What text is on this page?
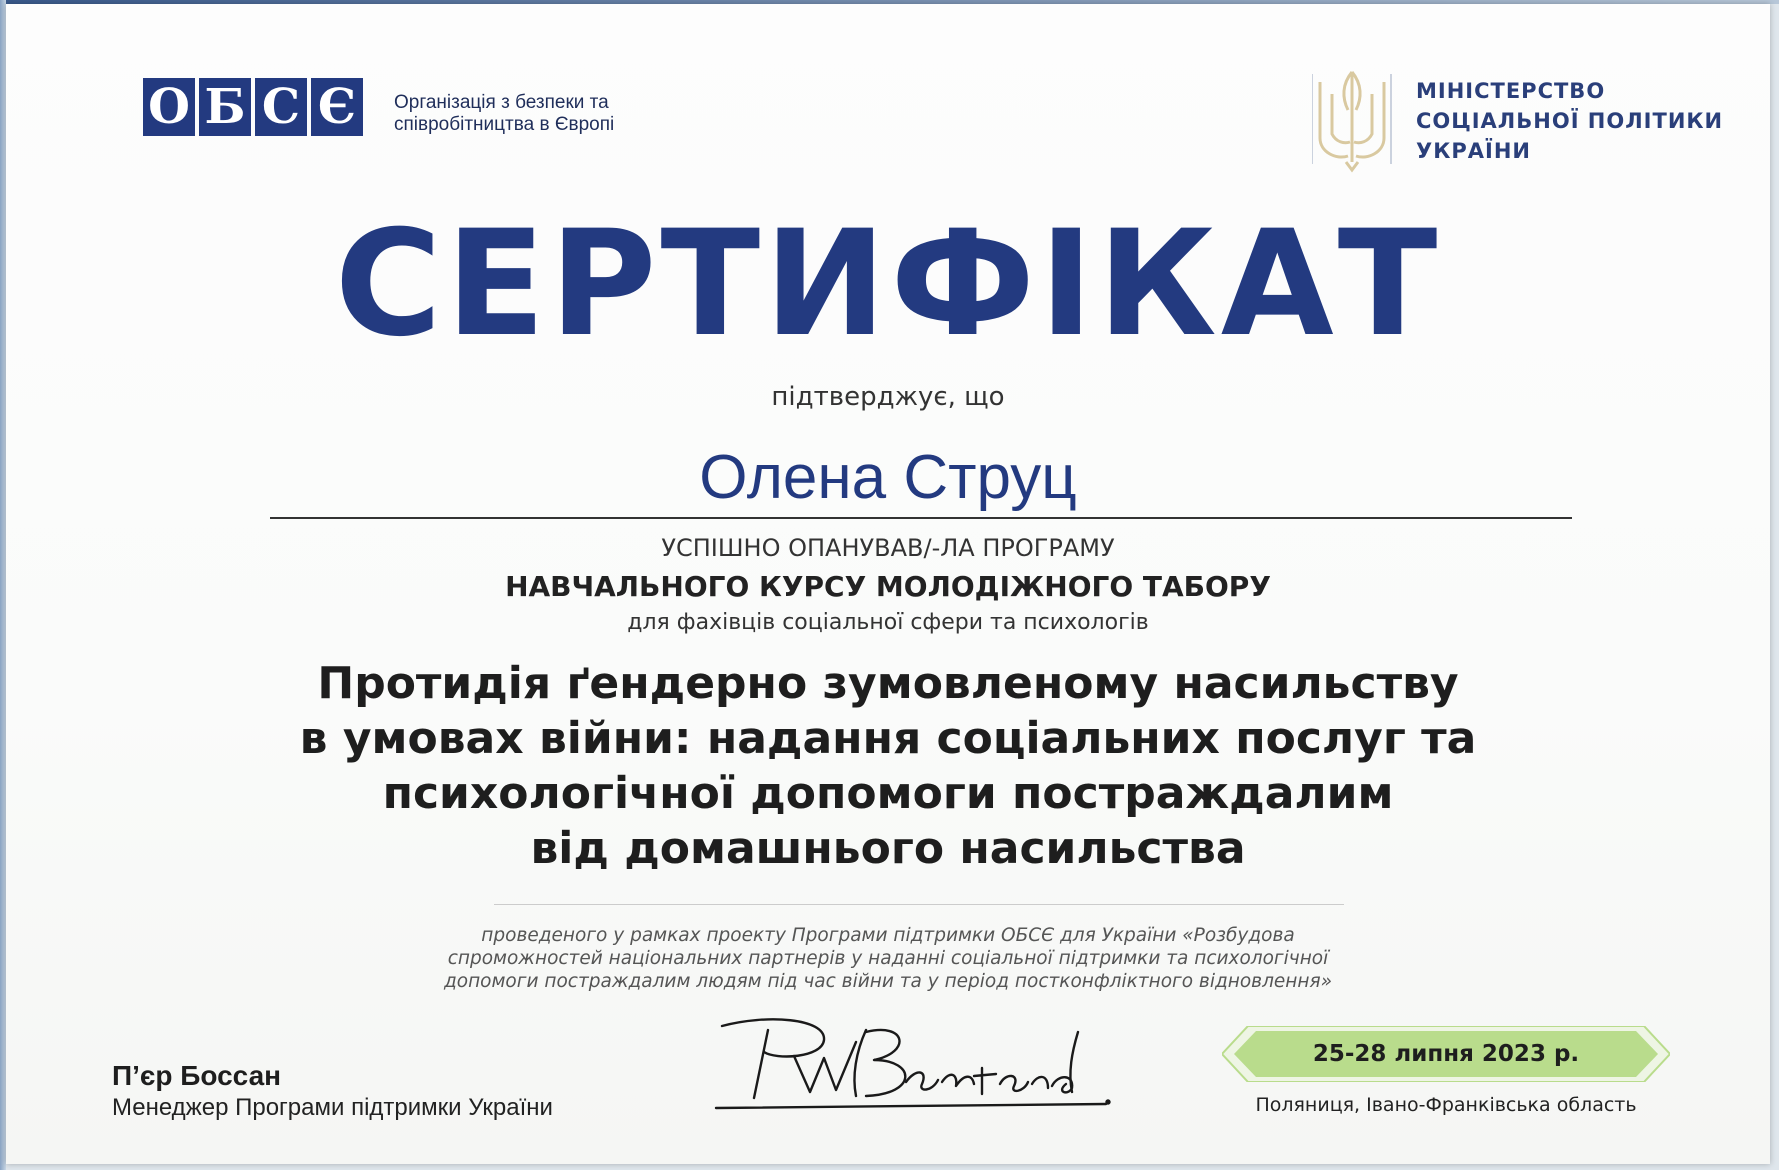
О Б С Є	Організація з безпеки та
співробітництва в Європі
МІНІСТЕРСТВО
СОЦІАЛЬНОЇ ПОЛІТИКИ
УКРАЇНИ
СЕРТИФІКАТ
підтверджує, що
Олена Струц
УСПІШНО ОПАНУВАВ/-ЛА ПРОГРАМУ
НАВЧАЛЬНОГО КУРСУ МОЛОДІЖНОГО ТАБОРУ
для фахівців соціальної сфери та психологів
Протидія ґендерно зумовленому насильству
в умовах війни: надання соціальних послуг та
психологічної допомоги постраждалим
від домашнього насильства
проведеного у рамках проекту Програми підтримки ОБСЄ для України «Розбудова
спроможностей національних партнерів у наданні соціальної підтримки та психологічної
допомоги постраждалим людям під час війни та у період постконфліктного відновлення»
П’єр Боссан
Менеджер Програми підтримки України
25-28 липня 2023 р.
Поляниця, Івано-Франківська область
